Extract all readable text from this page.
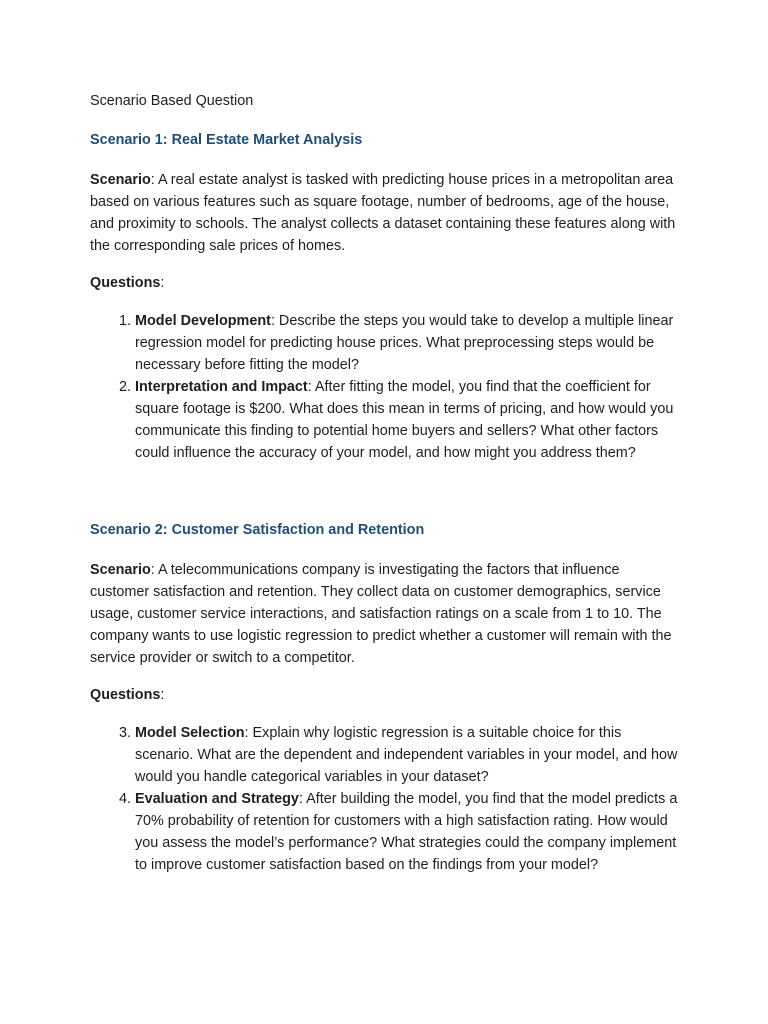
Scenario Based Question

Scenario 1: Real Estate Market Analysis

Scenario: A real estate analyst is tasked with predicting house prices in a metropolitan area based on various features such as square footage, number of bedrooms, age of the house, and proximity to schools. The analyst collects a dataset containing these features along with the corresponding sale prices of homes.

Questions:

1. Model Development: Describe the steps you would take to develop a multiple linear regression model for predicting house prices. What preprocessing steps would be necessary before fitting the model?
2. Interpretation and Impact: After fitting the model, you find that the coefficient for square footage is $200. What does this mean in terms of pricing, and how would you communicate this finding to potential home buyers and sellers? What other factors could influence the accuracy of your model, and how might you address them?
Scenario 2: Customer Satisfaction and Retention

Scenario: A telecommunications company is investigating the factors that influence customer satisfaction and retention. They collect data on customer demographics, service usage, customer service interactions, and satisfaction ratings on a scale from 1 to 10. The company wants to use logistic regression to predict whether a customer will remain with the service provider or switch to a competitor.

Questions:

3. Model Selection: Explain why logistic regression is a suitable choice for this scenario. What are the dependent and independent variables in your model, and how would you handle categorical variables in your dataset?
4. Evaluation and Strategy: After building the model, you find that the model predicts a 70% probability of retention for customers with a high satisfaction rating. How would you assess the model’s performance? What strategies could the company implement to improve customer satisfaction based on the findings from your model?
